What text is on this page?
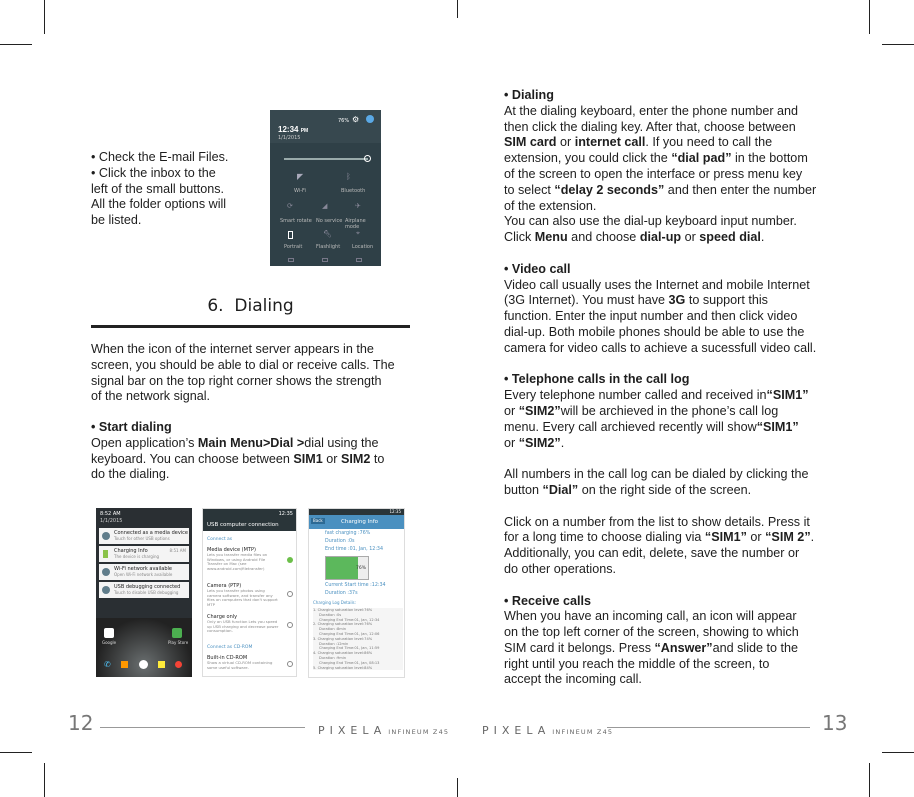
• Check the E-mail Files.
• Click the inbox to the
left of the small buttons.
All the folder options will
be listed.
76% ⚙
12:34 PM
1/1/2015
◤
Wi-Fi
ᛒ
Bluetooth
⟳
Smart rotate
◢
No service
✈
Airplane mode
Portrait
🔦︎
Flashlight
⌖
Location
6. Dialing
When the icon of the internet server appears in the
screen, you should be able to dial or receive calls. The
signal bar on the top right corner shows the strength
of the network signal.
• Start dialing
Open application’s Main Menu>Dial >dial using the
keyboard. You can choose between SIM1 or SIM2 to
do the dialing.
8:52 AM
1/1/2015
Connected as a media device
Touch for other USB options
Charging Info
The device is charging
8:51 AM
Wi-Fi network available
Open Wi-Fi network available
USB debugging connected
Touch to disable USB debugging
Google	Play Store
✆
12:35
USB computer connection
Connect as
Media device (MTP)
Lets you transfer media files on Windows, or using Android File Transfer on Mac (see www.android.com/filetransfer)
Camera (PTP)
Lets you transfer photos using camera software, and transfer any files on computers that don't support MTP
Charge only
Only an USB function Lets you speed up USB charging and decrease power consumption.
Connect as CD-ROM
Built-in CD-ROM
Show a virtual CD-ROM containing some useful software.
12:35
Back	Charging Info
fast charging :76%
Duration :0s
End time :01, Jan, 12:34
76%
Current Start time :12:34
Duration :37s
Charging Log Details:
1. Charging saturation level:76%
Duration :0s
Charging End Time:01, Jan, 12:34
2. Charging saturation level:76%
Duration :8min
Charging End Time:01, Jan, 12:06
3. Charging saturation level:74%
Duration :12min
Charging End Time:01, Jan, 11:59
4. Charging saturation level:86%
Duration :9min
Charging End Time:01, Jan, 08:13
5. Charging saturation level:84%
• Dialing
At the dialing keyboard, enter the phone number and
then click the dialing key. After that, choose between
SIM card or internet call. If you need to call the
extension, you could click the “dial pad” in the bottom
of the screen to open the interface or press menu key
to select “delay 2 seconds” and then enter the number
of the extension.
You can also use the dial-up keyboard input number.
Click Menu and choose dial-up or speed dial.
• Video call
Video call usually uses the Internet and mobile Internet
(3G Internet). You must have 3G to support this
function. Enter the input number and then click video
dial-up. Both mobile phones should be able to use the
camera for video calls to achieve a sucessfull video call.
• Telephone calls in the call log
Every telephone number called and received in“SIM1”
or “SIM2”will be archieved in the phone’s call log
menu. Every call archieved recently will show“SIM1”
or “SIM2”.
All numbers in the call log can be dialed by clicking the
button “Dial” on the right side of the screen.
Click on a number from the list to show details. Press it
for a long time to choose dialing via “SIM1” or “SIM 2”.
Additionally, you can edit, delete, save the number or
do other operations.
• Receive calls
When you have an incoming call, an icon will appear
on the top left corner of the screen, showing to which
SIM card it belongs. Press “Answer”and slide to the
right until you reach the middle of the screen, to
accept the incoming call.
12	PIXELA INFINEUM Z45	PIXELA INFINEUM Z45	13
